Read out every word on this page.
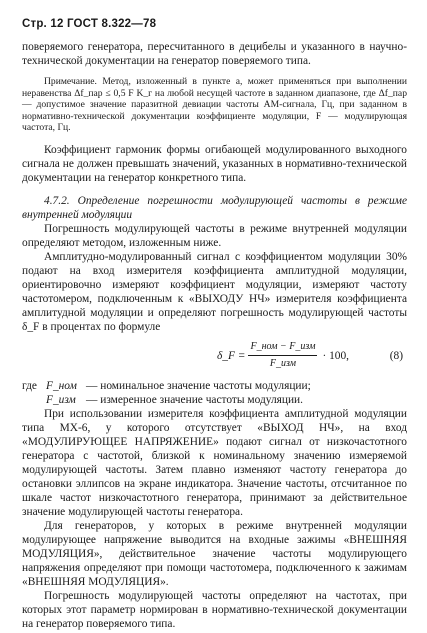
Стр. 12 ГОСТ 8.322—78

поверяемого генератора, пересчитанного в децибелы и указанного в научно-технической документации на генератор поверяемого типа.

Примечание. Метод, изложенный в пункте а, может применяться при выполнении неравенства Δf_пар ≤ 0,5 F K_г на любой несущей частоте в заданном диапазоне, где Δf_пар — допустимое значение паразитной девиации частоты АМ-сигнала, Гц, при заданном в нормативно-технической документации коэффициенте модуляции, F — модулирующая частота, Гц.

Коэффициент гармоник формы огибающей модулированного выходного сигнала не должен превышать значений, указанных в нормативно-технической документации на генератор конкретного типа.

4.7.2. Определение погрешности модулирующей частоты в режиме внутренней модуляции

Погрешность модулирующей частоты в режиме внутренней модуляции определяют методом, изложенным ниже.

Амплитудно-модулированный сигнал с коэффициентом модуляции 30% подают на вход измерителя коэффициента амплитудной модуляции, ориентировочно измеряют коэффициент модуляции, измеряют частоту частотомером, подключенным к «ВЫХОДУ НЧ» измерителя коэффициента амплитудной модуляции и определяют погрешность модулирующей частоты δ_F в процентах по формуле

δ_F = $\frac{\text{F\_ном − F\_изм}}{\text{F\_изм}} \cdot 100$,	(8)
где F_ном — номинальное значение частоты модуляции;
F_изм — измеренное значение частоты модуляции.

При использовании измерителя коэффициента амплитудной модуляции типа МХ-6, у которого отсутствует «ВЫХОД НЧ», на вход «МОДУЛИРУЮЩЕЕ НАПРЯЖЕНИЕ» подают сигнал от низкочастотного генератора с частотой, близкой к номинальному значению измеряемой модулирующей частоты. Затем плавно изменяют частоту генератора до остановки эллипсов на экране индикатора. Значение частоты, отсчитанное по шкале частот низкочастотного генератора, принимают за действительное значение модулирующей частоты генератора.

Для генераторов, у которых в режиме внутренней модуляции модулирующее напряжение выводится на входные зажимы «ВНЕШНЯЯ МОДУЛЯЦИЯ», действительное значение частоты модулирующего напряжения определяют при помощи частотомера, подключенного к зажимам «ВНЕШНЯЯ МОДУЛЯЦИЯ».

Погрешность модулирующей частоты определяют на частотах, при которых этот параметр нормирован в нормативно-технической документации на генератор поверяемого типа.
